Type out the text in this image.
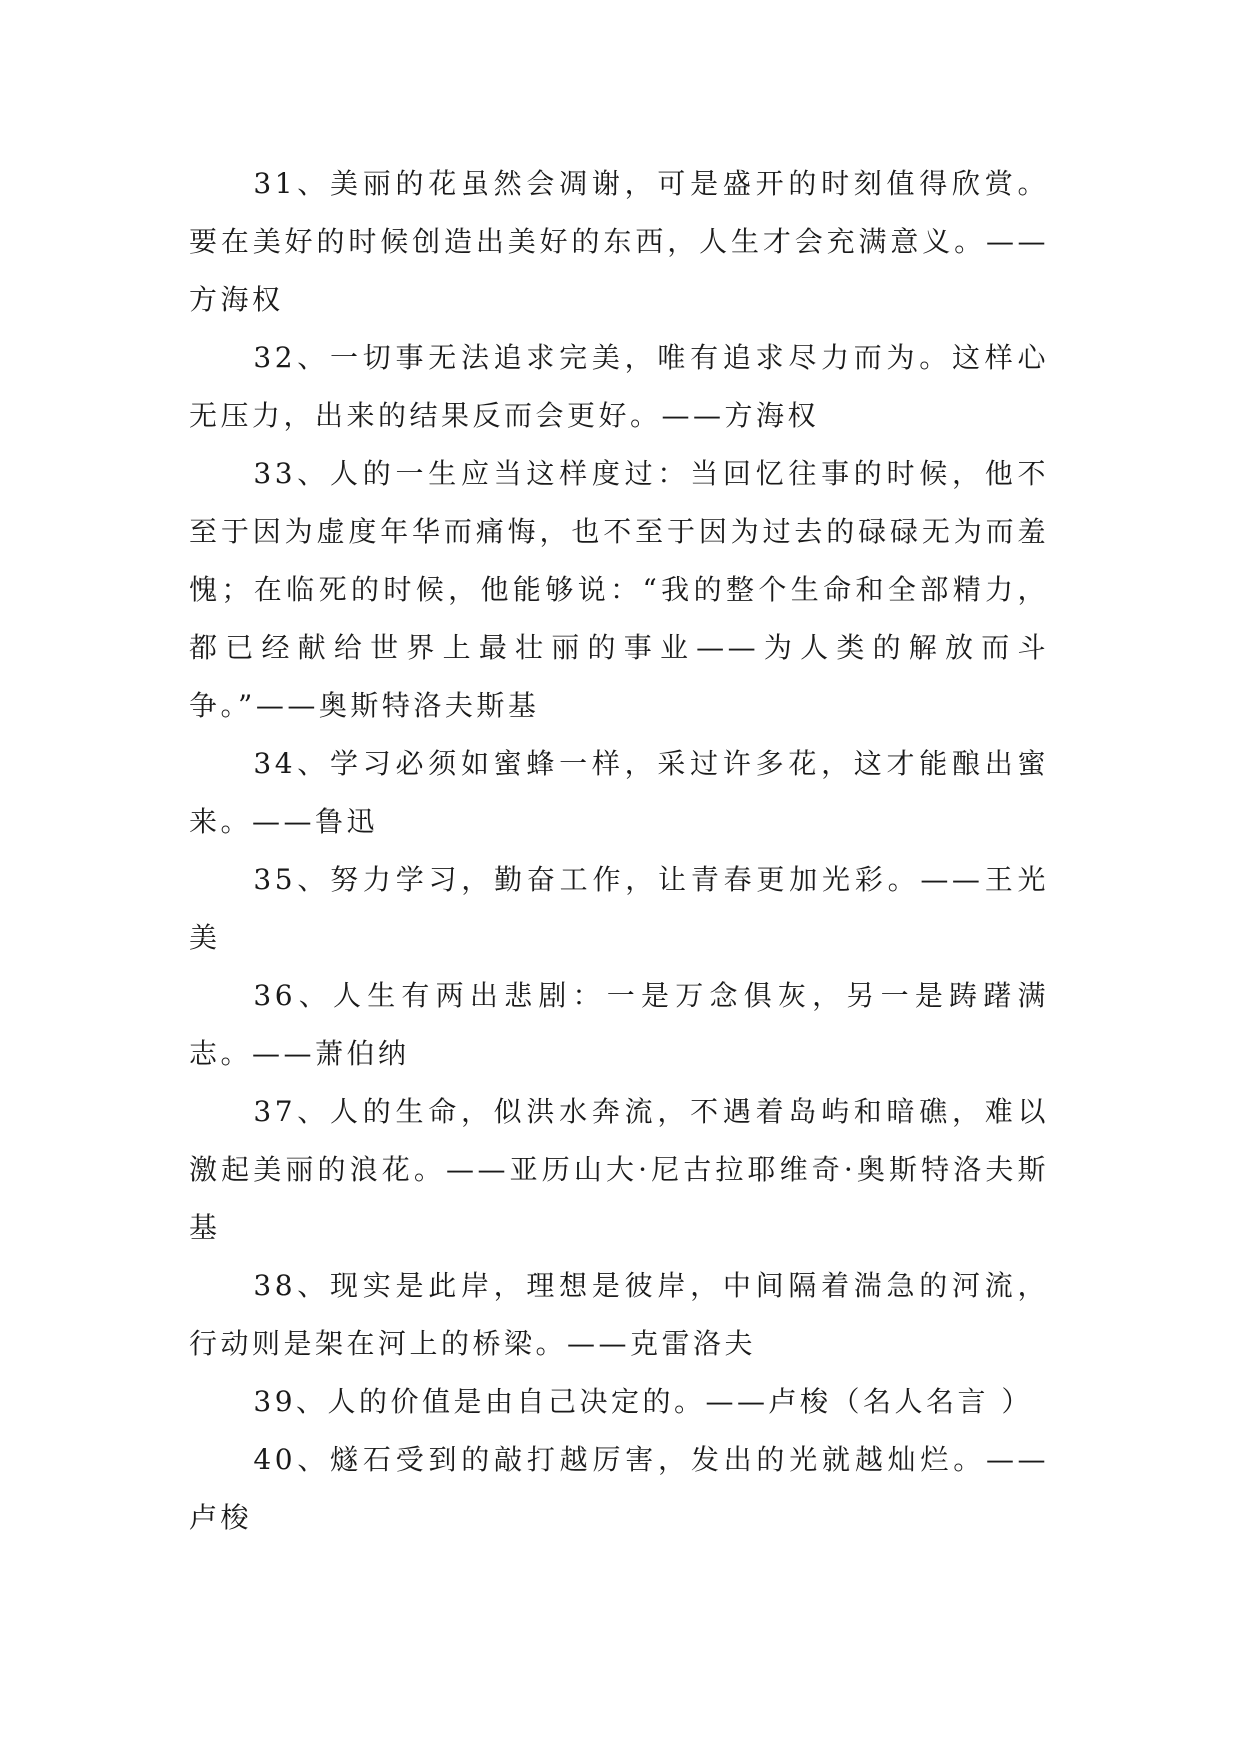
31、美丽的花虽然会凋谢，可是盛开的时刻值得欣赏。要在美好的时候创造出美好的东西，人生才会充满意义。——方海权

32、一切事无法追求完美，唯有追求尽力而为。这样心无压力，出来的结果反而会更好。——方海权

33、人的一生应当这样度过：当回忆往事的时候，他不至于因为虚度年华而痛悔，也不至于因为过去的碌碌无为而羞愧；在临死的时候，他能够说：“我的整个生命和全部精力，都已经献给世界上最壮丽的事业——为人类的解放而斗争。”——奥斯特洛夫斯基

34、学习必须如蜜蜂一样，采过许多花，这才能酿出蜜来。——鲁迅

35、努力学习，勤奋工作，让青春更加光彩。——王光美

36、人生有两出悲剧：一是万念俱灰，另一是踌躇满志。——萧伯纳

37、人的生命，似洪水奔流，不遇着岛屿和暗礁，难以激起美丽的浪花。——亚历山大·尼古拉耶维奇·奥斯特洛夫斯基

38、现实是此岸，理想是彼岸，中间隔着湍急的河流，行动则是架在河上的桥梁。——克雷洛夫

39、人的价值是由自己决定的。——卢梭（名人名言 ）

40、燧石受到的敲打越厉害，发出的光就越灿烂。——卢梭
